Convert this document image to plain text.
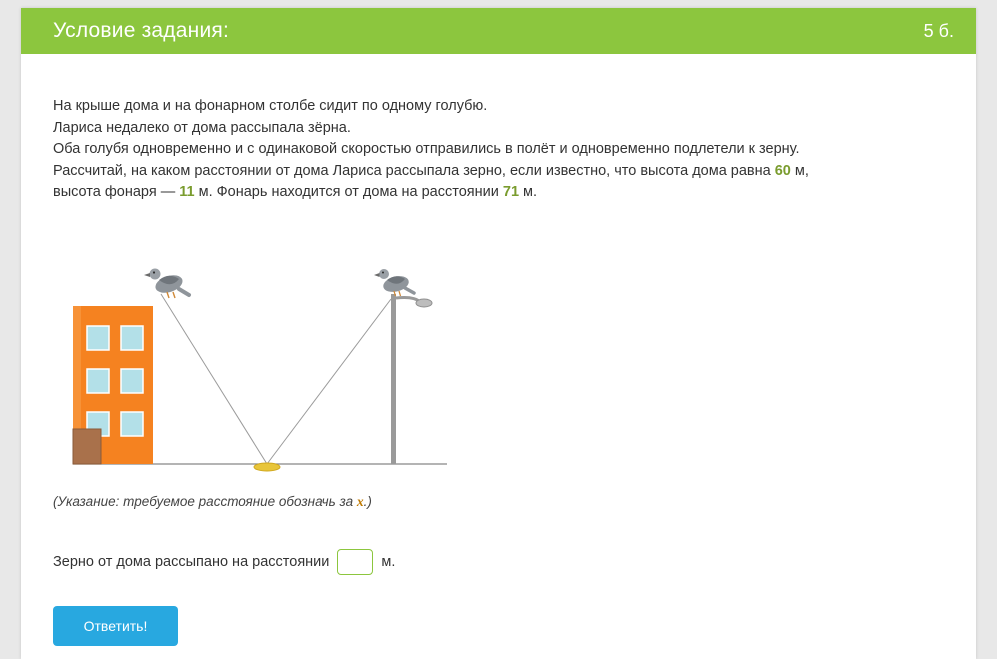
Условие задания:	5 б.
На крыше дома и на фонарном столбе сидит по одному голубю.
Лариса недалеко от дома рассыпала зёрна.
Оба голубя одновременно и с одинаковой скоростью отправились в полёт и одновременно подлетели к зерну.
Рассчитай, на каком расстоянии от дома Лариса рассыпала зерно, если известно, что высота дома равна 60 м,
высота фонаря — 11 м. Фонарь находится от дома на расстоянии 71 м.
(Указание: требуемое расстояние обозначь за x.)
Зерно от дома рассыпано на расстоянии	м.
Ответить!
